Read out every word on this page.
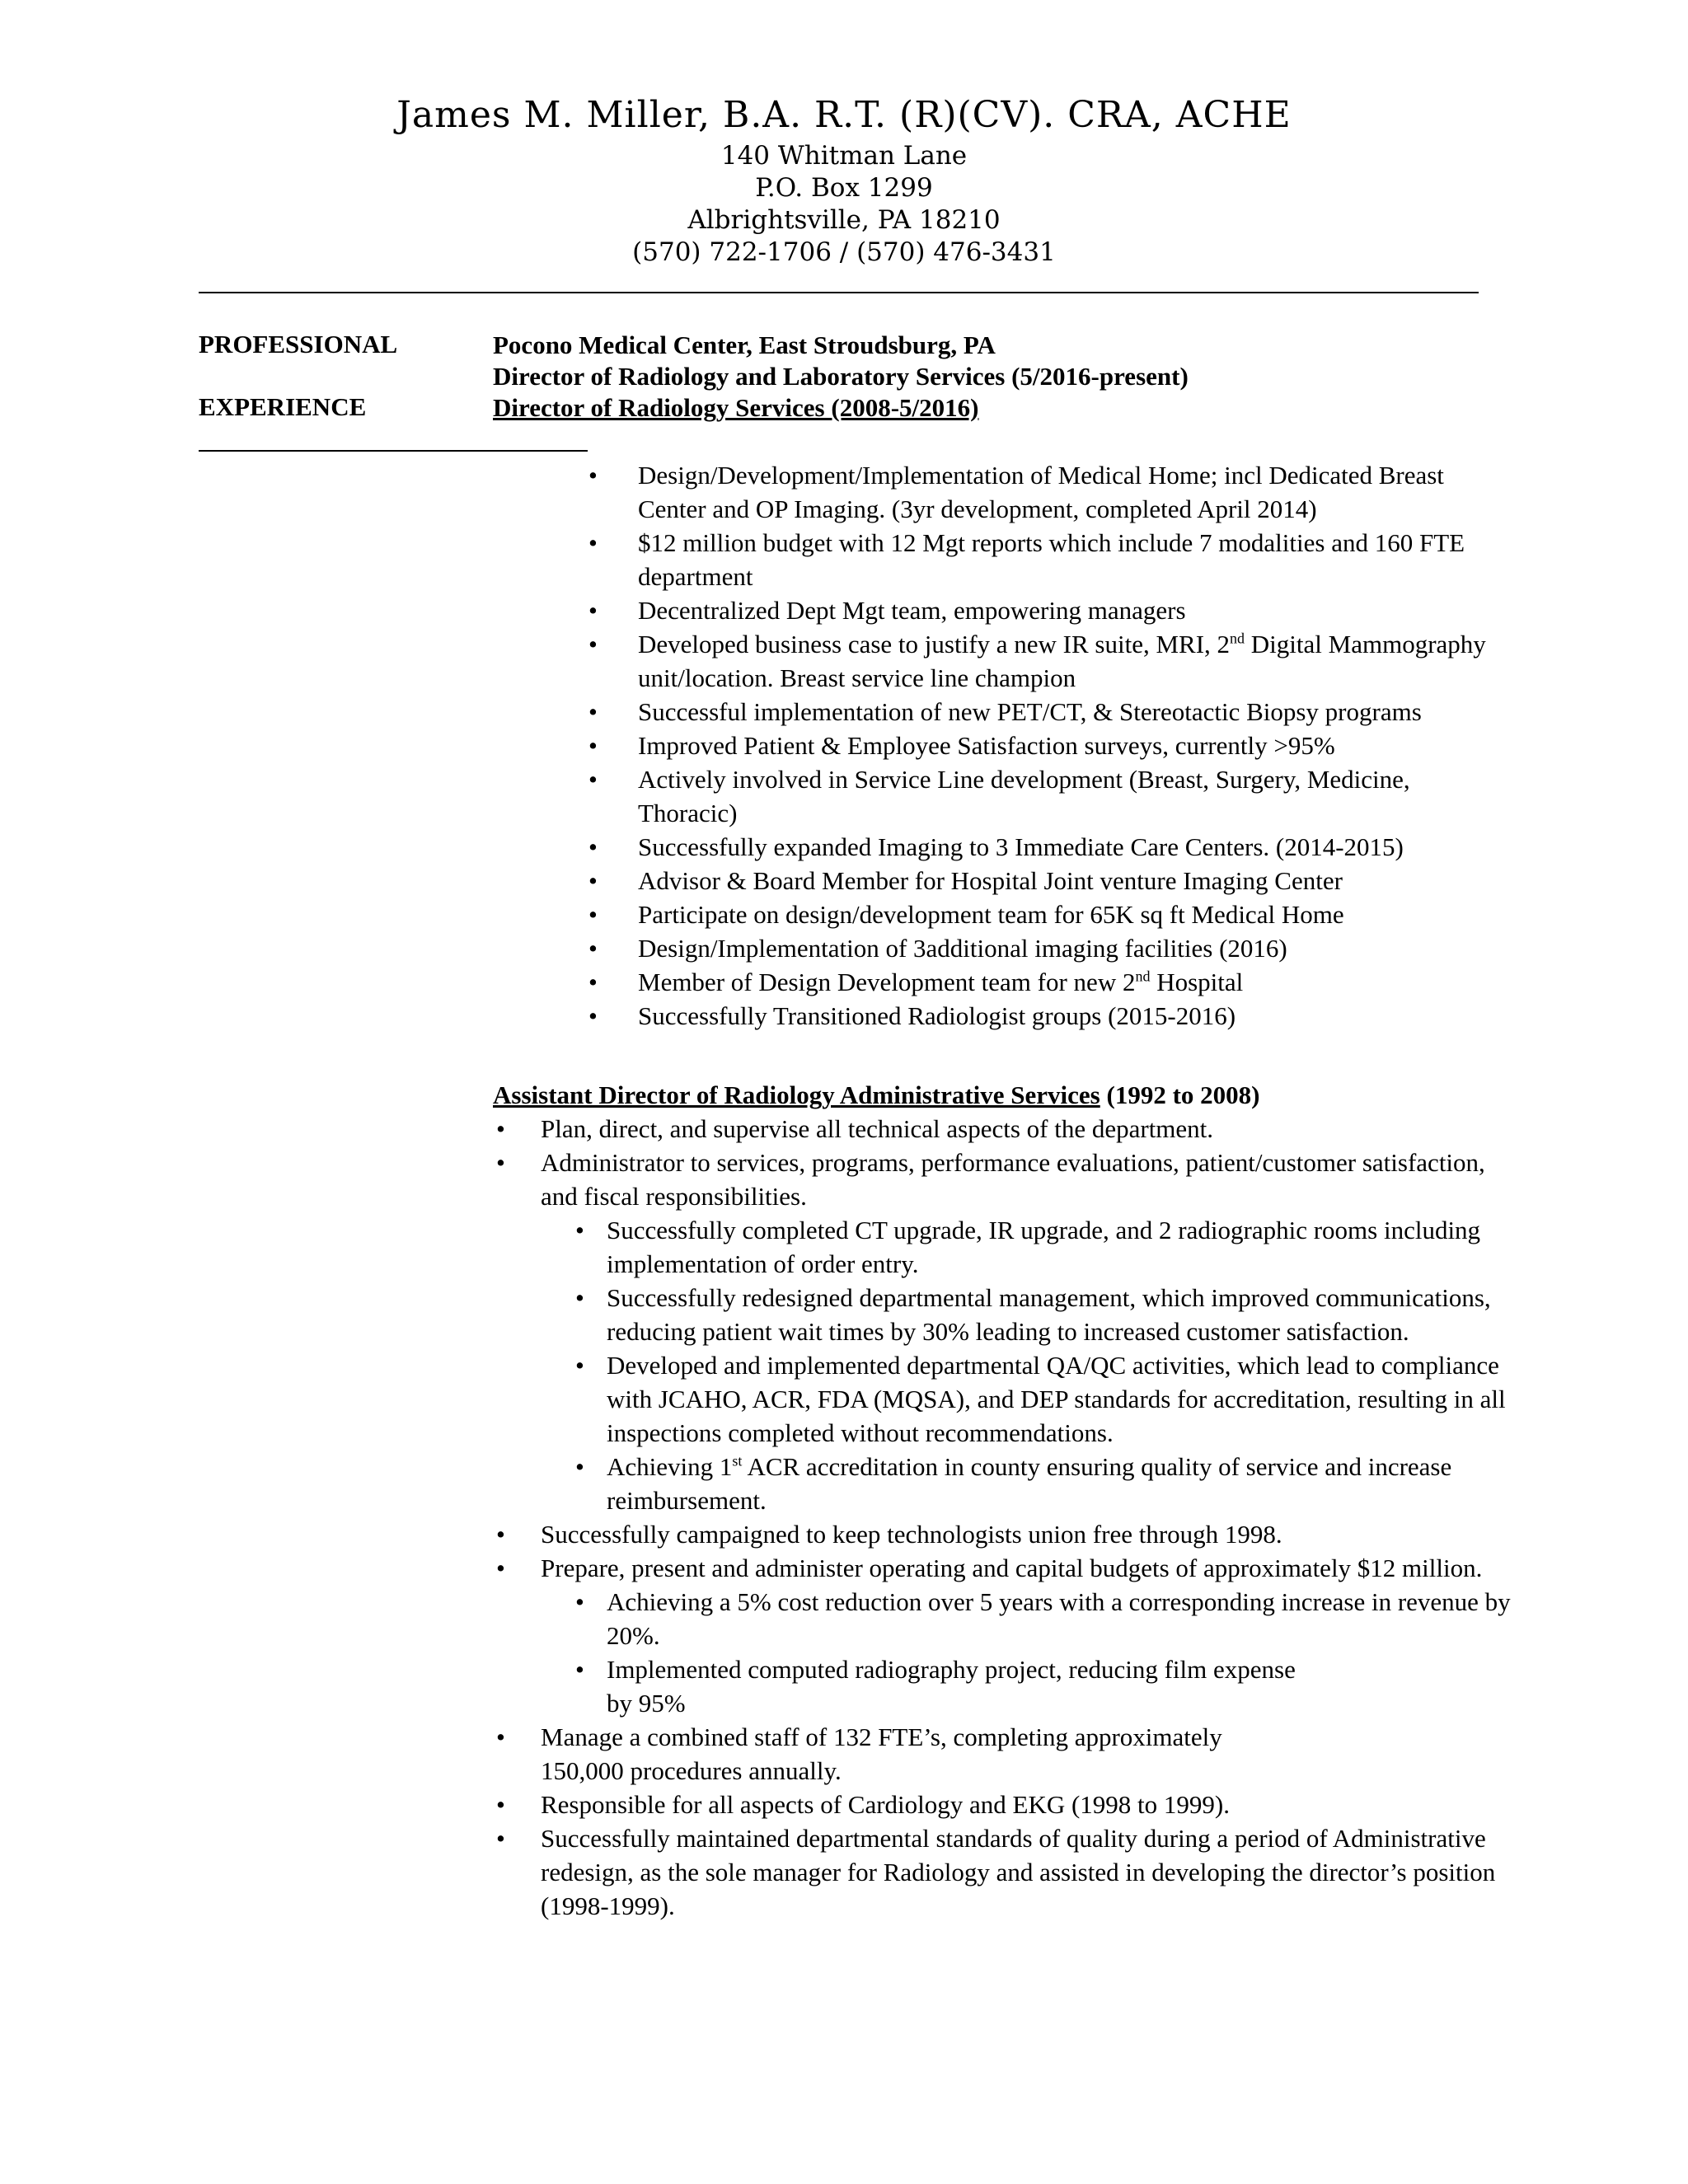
James M. Miller, B.A. R.T. (R)(CV). CRA, ACHE
140 Whitman Lane
P.O. Box 1299
Albrightsville, PA 18210
(570) 722-1706 / (570) 476-3431
PROFESSIONAL
EXPERIENCE
Pocono Medical Center, East Stroudsburg, PA
Director of Radiology and Laboratory Services (5/2016-present)
Director of Radiology Services (2008-5/2016)
• Design/Development/Implementation of Medical Home; incl Dedicated Breast Center and OP Imaging. (3yr development, completed April 2014)
• $12 million budget with 12 Mgt reports which include 7 modalities and 160 FTE department
• Decentralized Dept Mgt team, empowering managers
• Developed business case to justify a new IR suite, MRI, 2nd Digital Mammography unit/location. Breast service line champion
• Successful implementation of new PET/CT, & Stereotactic Biopsy programs
• Improved Patient & Employee Satisfaction surveys, currently >95%
• Actively involved in Service Line development (Breast, Surgery, Medicine, Thoracic)
• Successfully expanded Imaging to 3 Immediate Care Centers. (2014-2015)
• Advisor & Board Member for Hospital Joint venture Imaging Center
• Participate on design/development team for 65K sq ft Medical Home
• Design/Implementation of 3additional imaging facilities (2016)
• Member of Design Development team for new 2nd Hospital
• Successfully Transitioned Radiologist groups (2015-2016)
Assistant Director of Radiology Administrative Services (1992 to 2008)
• Plan, direct, and supervise all technical aspects of the department.
• Administrator to services, programs, performance evaluations, patient/customer satisfaction, and fiscal responsibilities.
• Successfully completed CT upgrade, IR upgrade, and 2 radiographic rooms including implementation of order entry.
• Successfully redesigned departmental management, which improved communications, reducing patient wait times by 30% leading to increased customer satisfaction.
• Developed and implemented departmental QA/QC activities, which lead to compliance with JCAHO, ACR, FDA (MQSA), and DEP standards for accreditation, resulting in all inspections completed without recommendations.
• Achieving 1st ACR accreditation in county ensuring quality of service and increase reimbursement.
• Successfully campaigned to keep technologists union free through 1998.
• Prepare, present and administer operating and capital budgets of approximately $12 million.
• Achieving a 5% cost reduction over 5 years with a corresponding increase in revenue by 20%.
• Implemented computed radiography project, reducing film expense
by 95%
• Manage a combined staff of 132 FTE’s, completing approximately
150,000 procedures annually.
• Responsible for all aspects of Cardiology and EKG (1998 to 1999).
• Successfully maintained departmental standards of quality during a period of Administrative redesign, as the sole manager for Radiology and assisted in developing the director’s position (1998-1999).
